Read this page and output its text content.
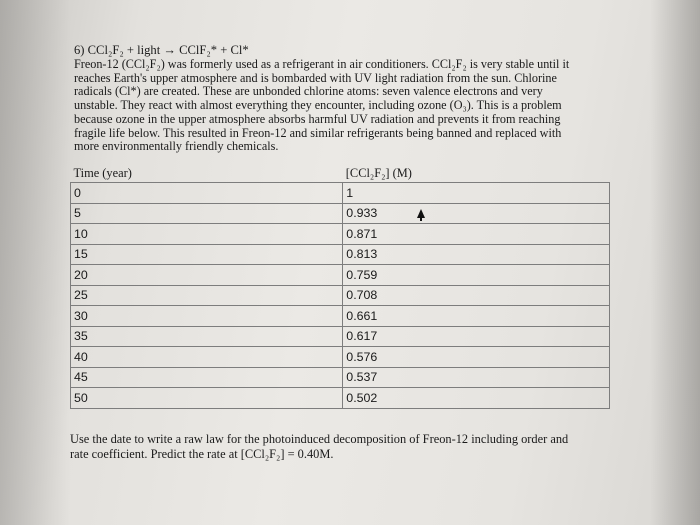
6) CCl₂F₂ + light → CClF₂* + Cl*
Freon-12 (CCl₂F₂) was formerly used as a refrigerant in air conditioners. CCl₂F₂ is very stable until it
reaches Earth's upper atmosphere and is bombarded with UV light radiation from the sun. Chlorine
radicals (Cl*) are created. These are unbonded chlorine atoms: seven valence electrons and very
unstable. They react with almost everything they encounter, including ozone (O₃). This is a problem
because ozone in the upper atmosphere absorbs harmful UV radiation and prevents it from reaching
fragile life below. This resulted in Freon-12 and similar refrigerants being banned and replaced with
more environmentally friendly chemicals.
Time (year)	[CCl₂F₂] (M)
0	1
5	0.933
10	0.871
15	0.813
20	0.759
25	0.708
30	0.661
35	0.617
40	0.576
45	0.537
50	0.502
Use the date to write a raw law for the photoinduced decomposition of Freon-12 including order and
rate coefficient. Predict the rate at [CCl₂F₂] = 0.40M.
